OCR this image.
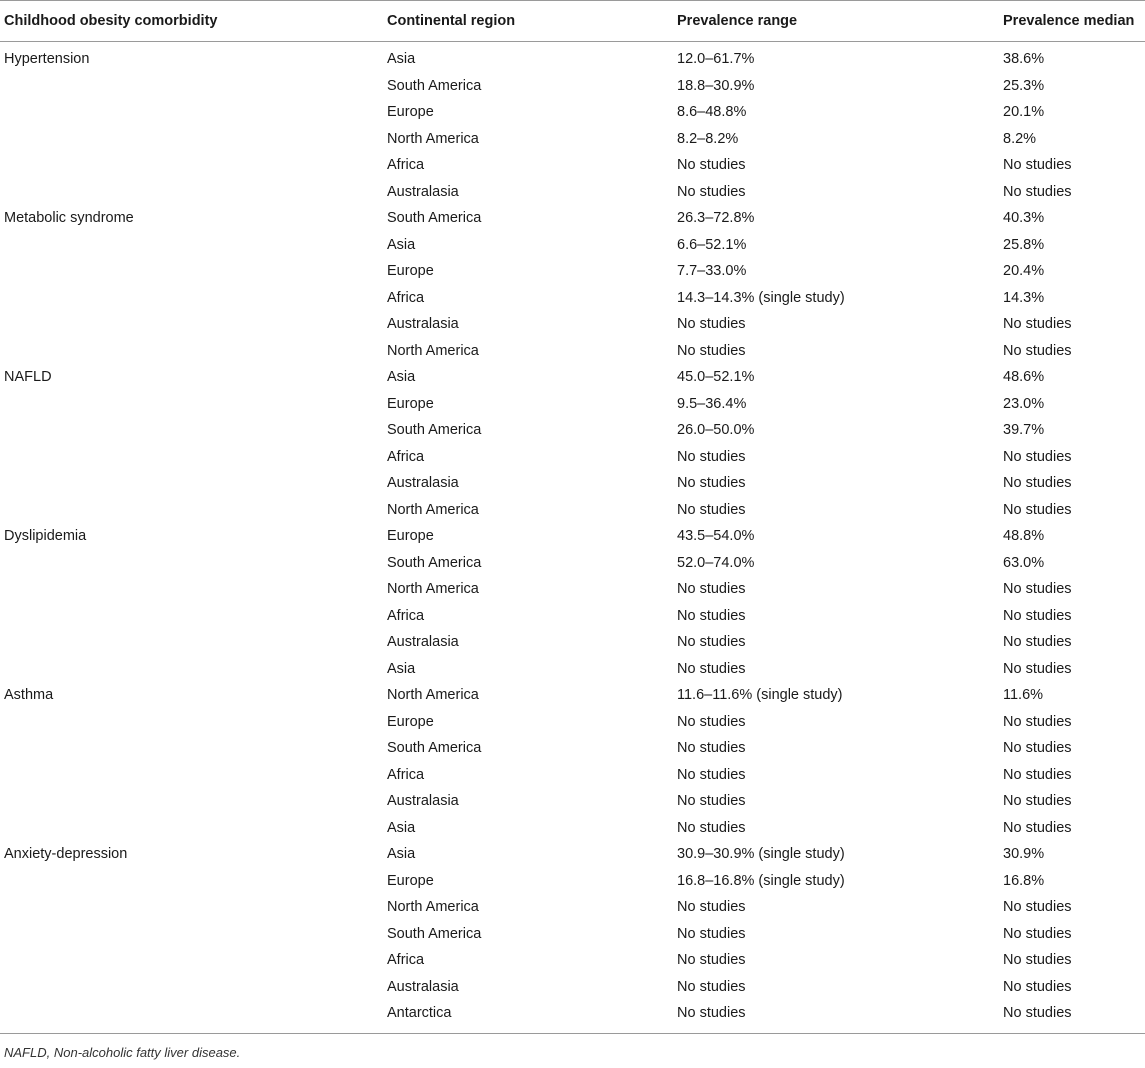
Childhood obesity comorbidity	Continental region	Prevalence range	Prevalence median
Hypertension	Asia	12.0–61.7%	38.6%
	South America	18.8–30.9%	25.3%
	Europe	8.6–48.8%	20.1%
	North America	8.2–8.2%	8.2%
	Africa	No studies	No studies
	Australasia	No studies	No studies
Metabolic syndrome	South America	26.3–72.8%	40.3%
	Asia	6.6–52.1%	25.8%
	Europe	7.7–33.0%	20.4%
	Africa	14.3–14.3% (single study)	14.3%
	Australasia	No studies	No studies
	North America	No studies	No studies
NAFLD	Asia	45.0–52.1%	48.6%
	Europe	9.5–36.4%	23.0%
	South America	26.0–50.0%	39.7%
	Africa	No studies	No studies
	Australasia	No studies	No studies
	North America	No studies	No studies
Dyslipidemia	Europe	43.5–54.0%	48.8%
	South America	52.0–74.0%	63.0%
	North America	No studies	No studies
	Africa	No studies	No studies
	Australasia	No studies	No studies
	Asia	No studies	No studies
Asthma	North America	11.6–11.6% (single study)	11.6%
	Europe	No studies	No studies
	South America	No studies	No studies
	Africa	No studies	No studies
	Australasia	No studies	No studies
	Asia	No studies	No studies
Anxiety-depression	Asia	30.9–30.9% (single study)	30.9%
	Europe	16.8–16.8% (single study)	16.8%
	North America	No studies	No studies
	South America	No studies	No studies
	Africa	No studies	No studies
	Australasia	No studies	No studies
	Antarctica	No studies	No studies
NAFLD, Non-alcoholic fatty liver disease.
